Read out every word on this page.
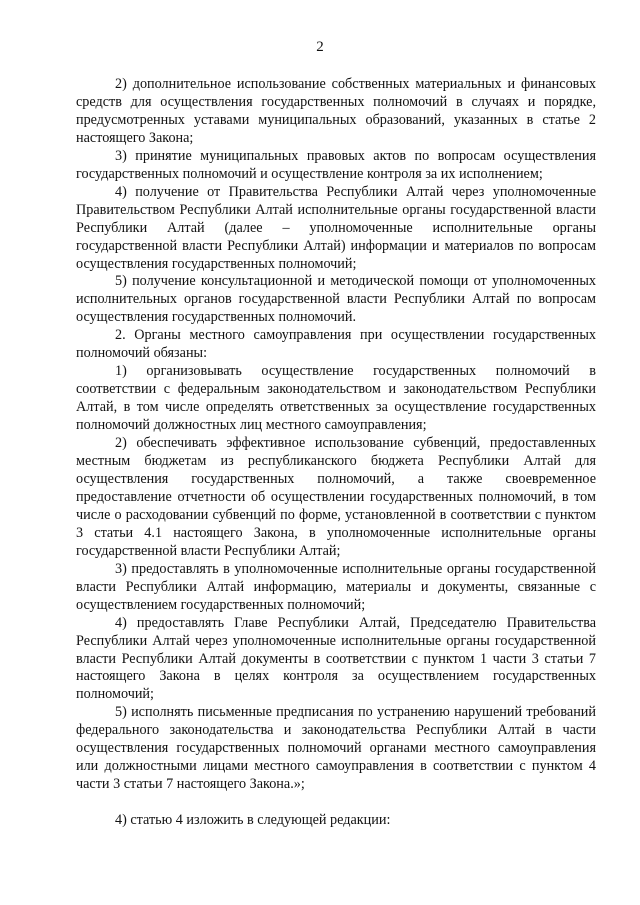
2

2) дополнительное использование собственных материальных и финансовых средств для осуществления государственных полномочий в случаях и порядке, предусмотренных уставами муниципальных образований, указанных в статье 2 настоящего Закона;

3) принятие муниципальных правовых актов по вопросам осуществления государственных полномочий и осуществление контроля за их исполнением;

4) получение от Правительства Республики Алтай через уполномоченные Правительством Республики Алтай исполнительные органы государственной власти Республики Алтай (далее – уполномоченные исполнительные органы государственной власти Республики Алтай) информации и материалов по вопросам осуществления государственных полномочий;

5) получение консультационной и методической помощи от уполномоченных исполнительных органов государственной власти Республики Алтай по вопросам осуществления государственных полномочий.

2. Органы местного самоуправления при осуществлении государственных полномочий обязаны:

1) организовывать осуществление государственных полномочий в соответствии с федеральным законодательством и законодательством Республики Алтай, в том числе определять ответственных за осуществление государственных полномочий должностных лиц местного самоуправления;

2) обеспечивать эффективное использование субвенций, предоставленных местным бюджетам из республиканского бюджета Республики Алтай для осуществления государственных полномочий, а также своевременное предоставление отчетности об осуществлении государственных полномочий, в том числе о расходовании субвенций по форме, установленной в соответствии с пунктом 3 статьи 4.1 настоящего Закона, в уполномоченные исполнительные органы государственной власти Республики Алтай;

3) предоставлять в уполномоченные исполнительные органы государственной власти Республики Алтай информацию, материалы и документы, связанные с осуществлением государственных полномочий;

4) предоставлять Главе Республики Алтай, Председателю Правительства Республики Алтай через уполномоченные исполнительные органы государственной власти Республики Алтай документы в соответствии с пунктом 1 части 3 статьи 7 настоящего Закона в целях контроля за осуществлением государственных полномочий;

5) исполнять письменные предписания по устранению нарушений требований федерального законодательства и законодательства Республики Алтай в части осуществления государственных полномочий органами местного самоуправления или должностными лицами местного самоуправления в соответствии с пунктом 4 части 3 статьи 7 настоящего Закона.»;

4) статью 4 изложить в следующей редакции:
